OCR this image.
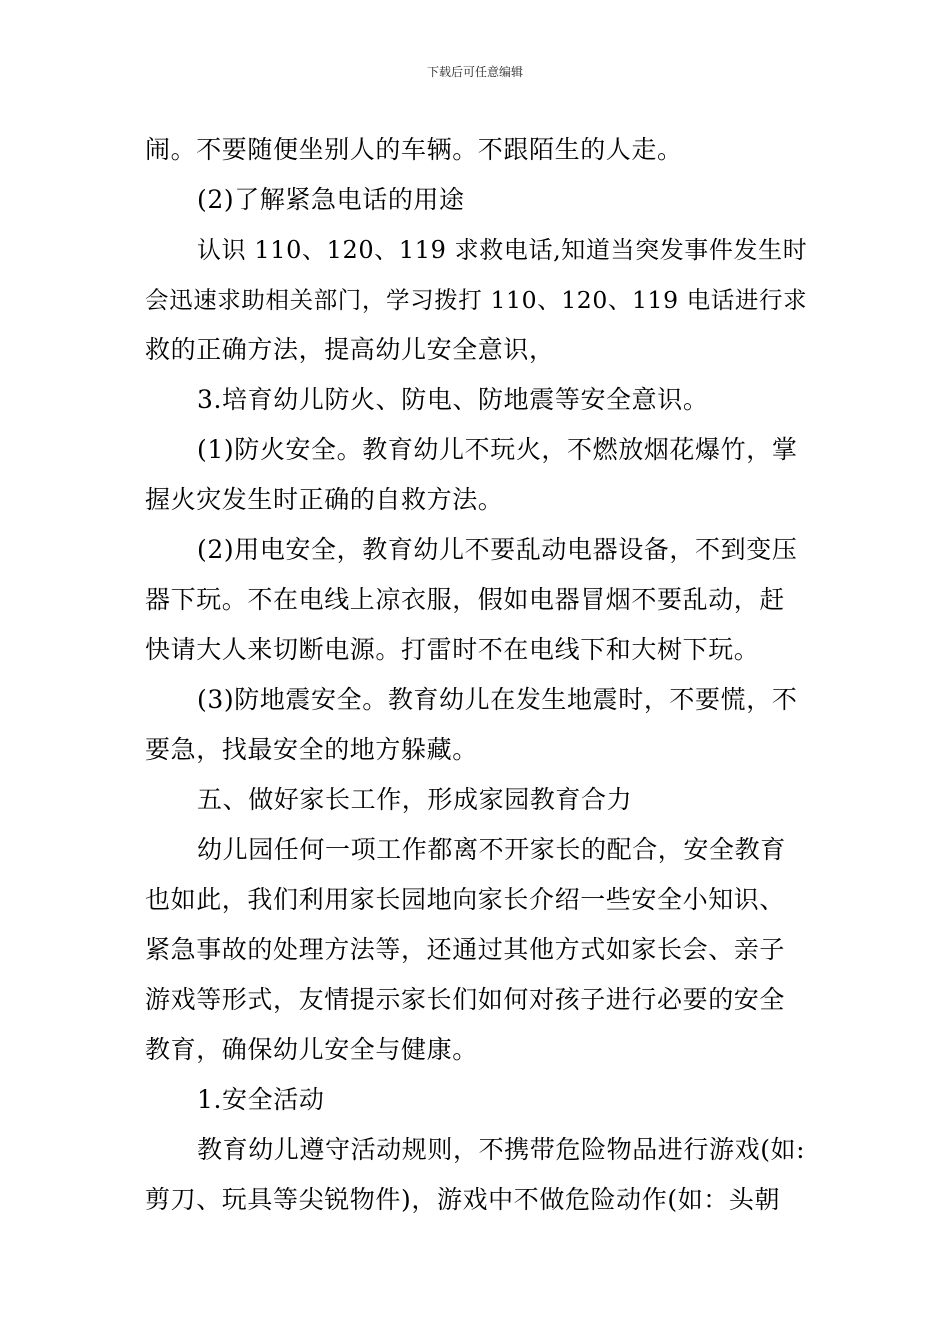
下载后可任意编辑

闹。不要随便坐别人的车辆。不跟陌生的人走。

(2)了解紧急电话的用途

认识 110、120、119 求救电话,知道当突发事件发生时

会迅速求助相关部门，学习拨打 110、120、119 电话进行求

救的正确方法，提高幼儿安全意识，

3.培育幼儿防火、防电、防地震等安全意识。

(1)防火安全。教育幼儿不玩火，不燃放烟花爆竹，掌

握火灾发生时正确的自救方法。

(2)用电安全，教育幼儿不要乱动电器设备，不到变压

器下玩。不在电线上凉衣服，假如电器冒烟不要乱动，赶

快请大人来切断电源。打雷时不在电线下和大树下玩。

(3)防地震安全。教育幼儿在发生地震时，不要慌，不

要急，找最安全的地方躲藏。

五、做好家长工作，形成家园教育合力

幼儿园任何一项工作都离不开家长的配合，安全教育

也如此，我们利用家长园地向家长介绍一些安全小知识、

紧急事故的处理方法等，还通过其他方式如家长会、亲子

游戏等形式，友情提示家长们如何对孩子进行必要的安全

教育，确保幼儿安全与健康。

1.安全活动

教育幼儿遵守活动规则，不携带危险物品进行游戏(如:

剪刀、玩具等尖锐物件)，游戏中不做危险动作(如：头朝
